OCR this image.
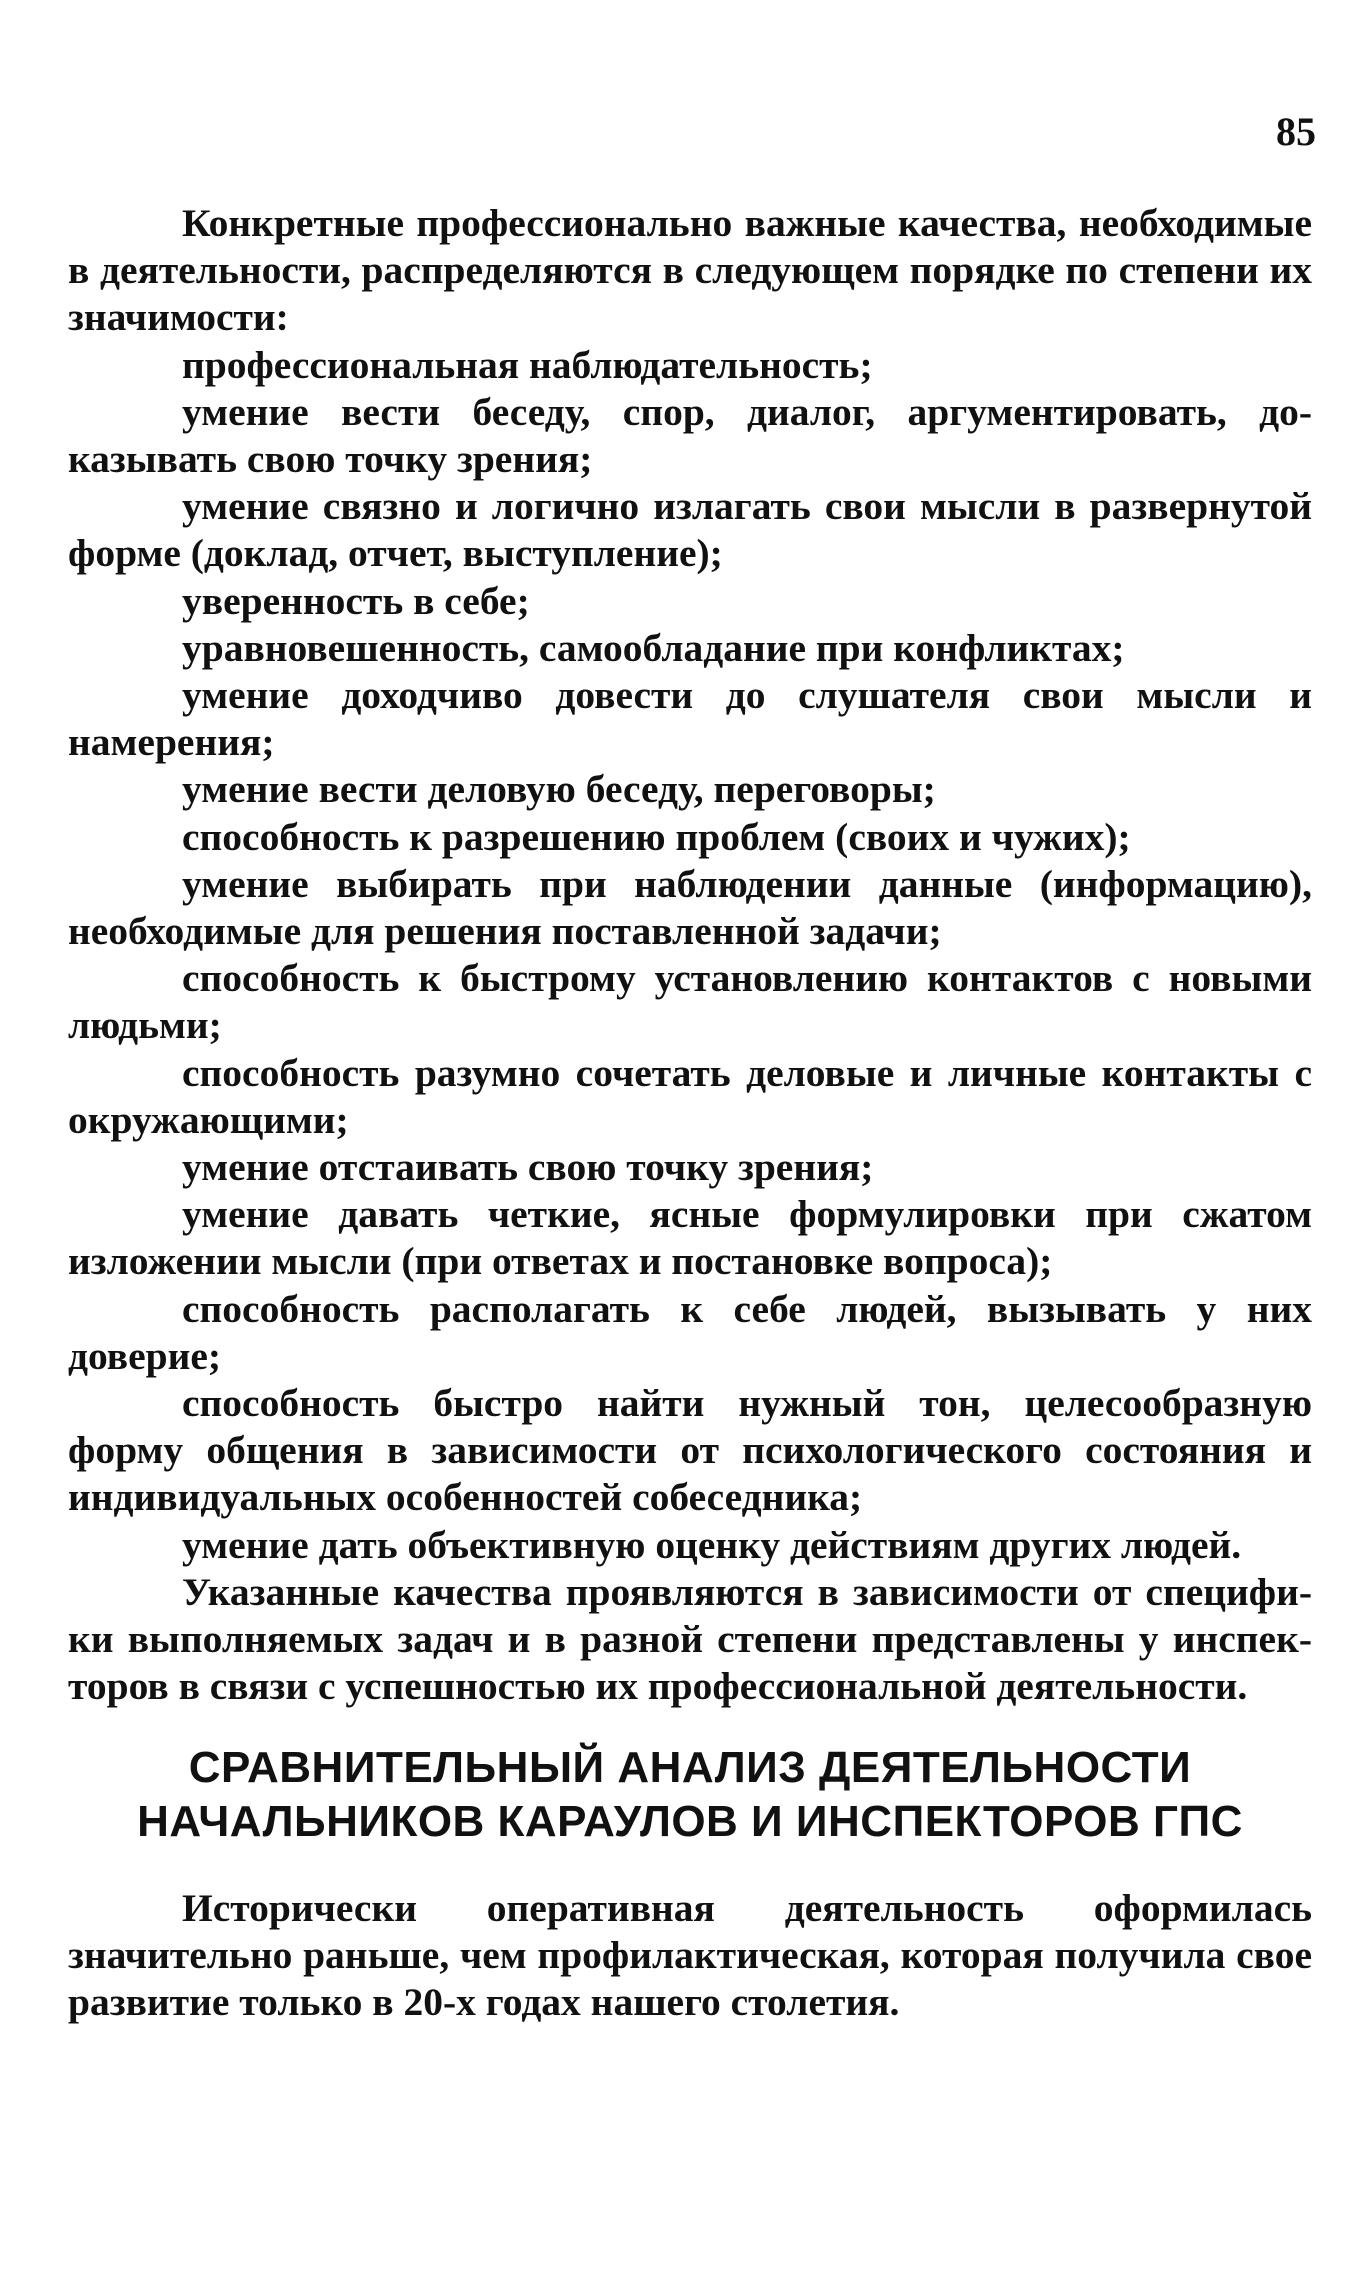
85

Конкретные профессионально важные качества, необходимые в деятельности, распределяются в следующем порядке по степени их значимости:

профессиональная наблюдательность;

умение вести беседу, спор, диалог, аргументировать, доказывать свою точку зрения;

умение связно и логично излагать свои мысли в развернутой форме (доклад, отчет, выступление);

уверенность в себе;

уравновешенность, самообладание при конфликтах;

умение доходчиво довести до слушателя свои мысли и намерения;

умение вести деловую беседу, переговоры;

способность к разрешению проблем (своих и чужих);

умение выбирать при наблюдении данные (информацию), необходимые для решения поставленной задачи;

способность к быстрому установлению контактов с новыми людьми;

способность разумно сочетать деловые и личные контакты с окружающими;

умение отстаивать свою точку зрения;

умение давать четкие, ясные формулировки при сжатом изложении мысли (при ответах и постановке вопроса);

способность располагать к себе людей, вызывать у них доверие;

способность быстро найти нужный тон, целесообразную форму общения в зависимости от психологического состояния и индивидуальных особенностей собеседника;

умение дать объективную оценку действиям других людей.

Указанные качества проявляются в зависимости от специфики выполняемых задач и в разной степени представлены у инспекторов в связи с успешностью их профессиональной деятельности.

СРАВНИТЕЛЬНЫЙ АНАЛИЗ ДЕЯТЕЛЬНОСТИ
НАЧАЛЬНИКОВ КАРАУЛОВ И ИНСПЕКТОРОВ ГПС

Исторически оперативная деятельность оформилась значительно раньше, чем профилактическая, которая получила свое развитие только в 20-х годах нашего столетия.
